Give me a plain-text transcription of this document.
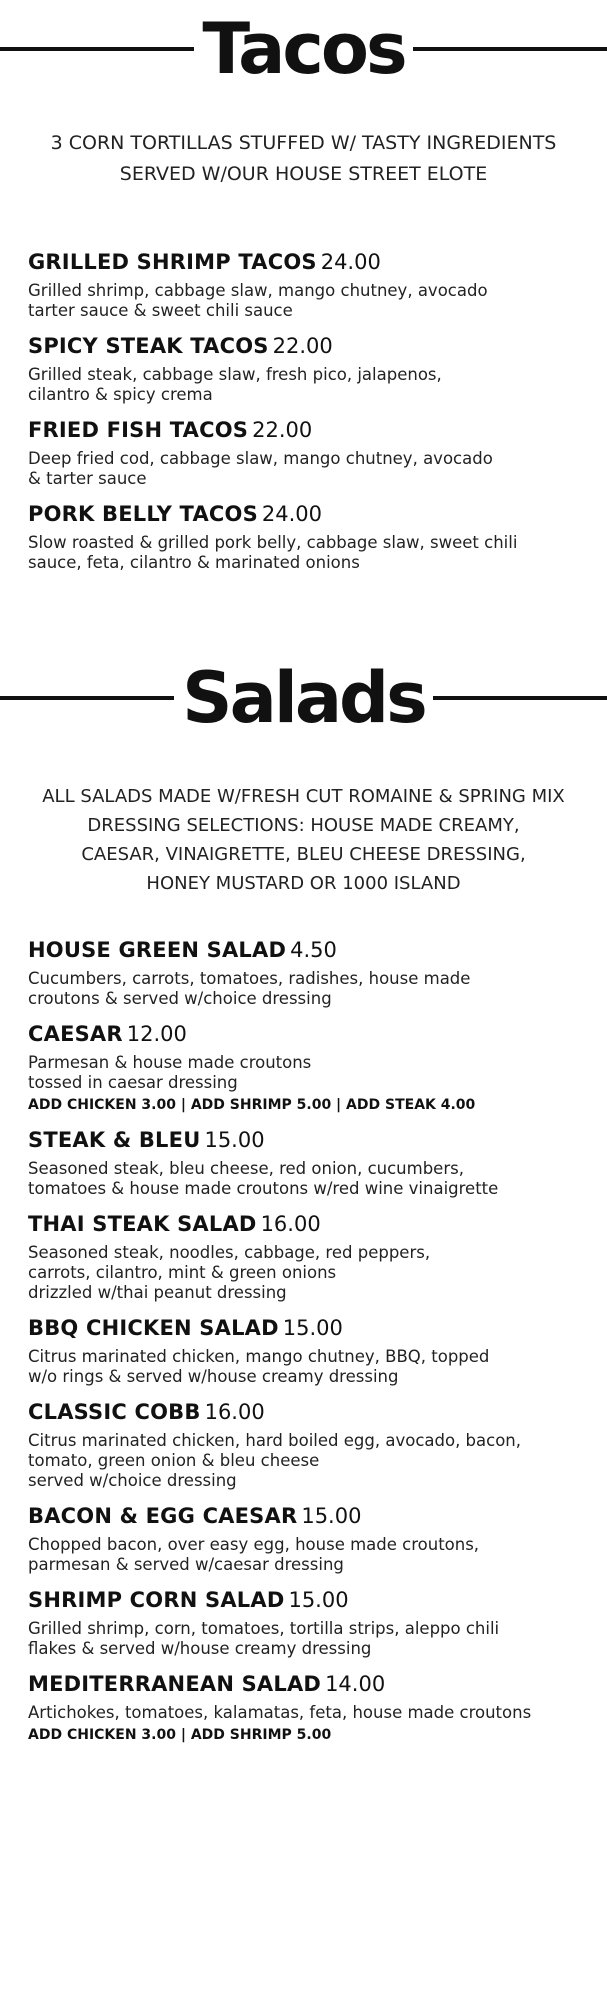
Tacos
3 CORN TORTILLAS STUFFED W/ TASTY INGREDIENTS
SERVED W/OUR HOUSE STREET ELOTE
GRILLED SHRIMP TACOS 24.00
Grilled shrimp, cabbage slaw, mango chutney, avocado
tarter sauce & sweet chili sauce
SPICY STEAK TACOS 22.00
Grilled steak, cabbage slaw, fresh pico, jalapenos,
cilantro & spicy crema
FRIED FISH TACOS 22.00
Deep fried cod, cabbage slaw, mango chutney, avocado
& tarter sauce
PORK BELLY TACOS 24.00
Slow roasted & grilled pork belly, cabbage slaw, sweet chili
sauce, feta, cilantro & marinated onions
Salads
ALL SALADS MADE W/FRESH CUT ROMAINE & SPRING MIX
DRESSING SELECTIONS: HOUSE MADE CREAMY,
CAESAR, VINAIGRETTE, BLEU CHEESE DRESSING,
HONEY MUSTARD OR 1000 ISLAND
HOUSE GREEN SALAD 4.50
Cucumbers, carrots, tomatoes, radishes, house made
croutons & served w/choice dressing
CAESAR 12.00
Parmesan & house made croutons
tossed in caesar dressing
ADD CHICKEN 3.00 | ADD SHRIMP 5.00 | ADD STEAK 4.00
STEAK & BLEU 15.00
Seasoned steak, bleu cheese, red onion, cucumbers,
tomatoes & house made croutons w/red wine vinaigrette
THAI STEAK SALAD 16.00
Seasoned steak, noodles, cabbage, red peppers,
carrots, cilantro, mint & green onions
drizzled w/thai peanut dressing
BBQ CHICKEN SALAD 15.00
Citrus marinated chicken, mango chutney, BBQ, topped
w/o rings & served w/house creamy dressing
CLASSIC COBB 16.00
Citrus marinated chicken, hard boiled egg, avocado, bacon,
tomato, green onion & bleu cheese
served w/choice dressing
BACON & EGG CAESAR 15.00
Chopped bacon, over easy egg, house made croutons,
parmesan & served w/caesar dressing
SHRIMP CORN SALAD 15.00
Grilled shrimp, corn, tomatoes, tortilla strips, aleppo chili
flakes & served w/house creamy dressing
MEDITERRANEAN SALAD 14.00
Artichokes, tomatoes, kalamatas, feta, house made croutons
ADD CHICKEN 3.00 | ADD SHRIMP 5.00
